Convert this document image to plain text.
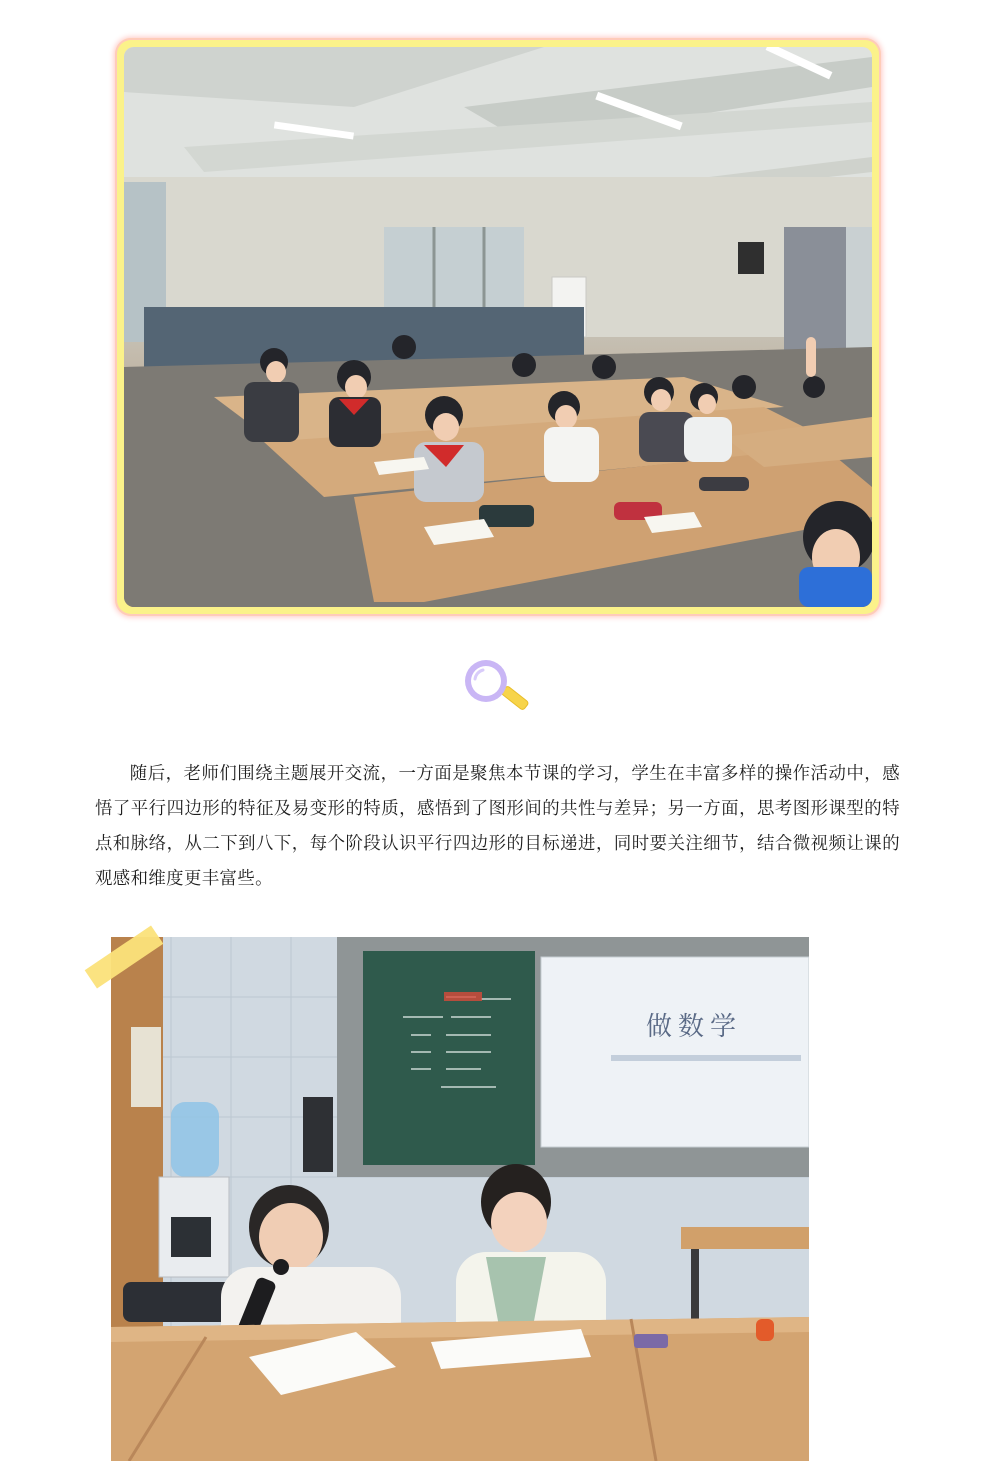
随后，老师们围绕主题展开交流，一方面是聚焦本节课的学习，学生在丰富多样的操作活动中，感悟了平行四边形的特征及易变形的特质，感悟到了图形间的共性与差异；另一方面，思考图形课型的特点和脉络，从二下到八下，每个阶段认识平行四边形的目标递进，同时要关注细节，结合微视频让课的观感和维度更丰富些。

做数学
